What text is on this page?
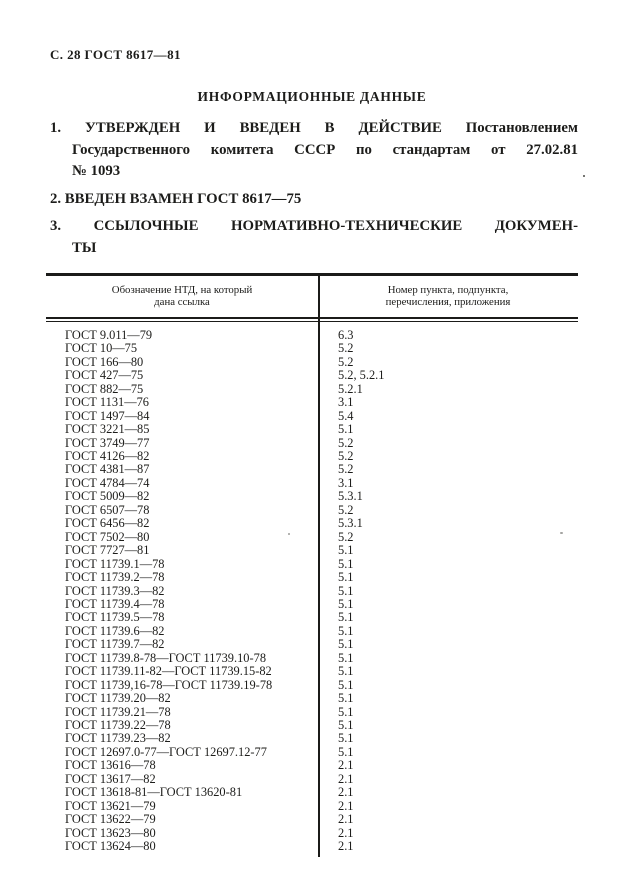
С. 28 ГОСТ 8617—81
ИНФОРМАЦИОННЫЕ ДАННЫЕ
1. УТВЕРЖДЕН И ВВЕДЕН В ДЕЙСТВИЕ Постановлением
Государственного комитета СССР по стандартам от 27.02.81
№ 1093
2. ВВЕДЕН ВЗАМЕН ГОСТ 8617—75
3. ССЫЛОЧНЫЕ НОРМАТИВНО-ТЕХНИЧЕСКИЕ ДОКУМЕН-
ТЫ
Обозначение НТД, на который
дана ссылка
Номер пункта, подпункта,
перечисления, приложения
ГОСТ 9.011—79	6.3
ГОСТ 10—75	5.2
ГОСТ 166—80	5.2
ГОСТ 427—75	5.2, 5.2.1
ГОСТ 882—75	5.2.1
ГОСТ 1131—76	3.1
ГОСТ 1497—84	5.4
ГОСТ 3221—85	5.1
ГОСТ 3749—77	5.2
ГОСТ 4126—82	5.2
ГОСТ 4381—87	5.2
ГОСТ 4784—74	3.1
ГОСТ 5009—82	5.3.1
ГОСТ 6507—78	5.2
ГОСТ 6456—82	5.3.1
ГОСТ 7502—80	5.2
ГОСТ 7727—81	5.1
ГОСТ 11739.1—78	5.1
ГОСТ 11739.2—78	5.1
ГОСТ 11739.3—82	5.1
ГОСТ 11739.4—78	5.1
ГОСТ 11739.5—78	5.1
ГОСТ 11739.6—82	5.1
ГОСТ 11739.7—82	5.1
ГОСТ 11739.8-78—ГОСТ 11739.10-78	5.1
ГОСТ 11739.11-82—ГОСТ 11739.15-82	5.1
ГОСТ 11739,16-78—ГОСТ 11739.19-78	5.1
ГОСТ 11739.20—82	5.1
ГОСТ 11739.21—78	5.1
ГОСТ 11739.22—78	5.1
ГОСТ 11739.23—82	5.1
ГОСТ 12697.0-77—ГОСТ 12697.12-77	5.1
ГОСТ 13616—78	2.1
ГОСТ 13617—82	2.1
ГОСТ 13618-81—ГОСТ 13620-81	2.1
ГОСТ 13621—79	2.1
ГОСТ 13622—79	2.1
ГОСТ 13623—80	2.1
ГОСТ 13624—80	2.1
